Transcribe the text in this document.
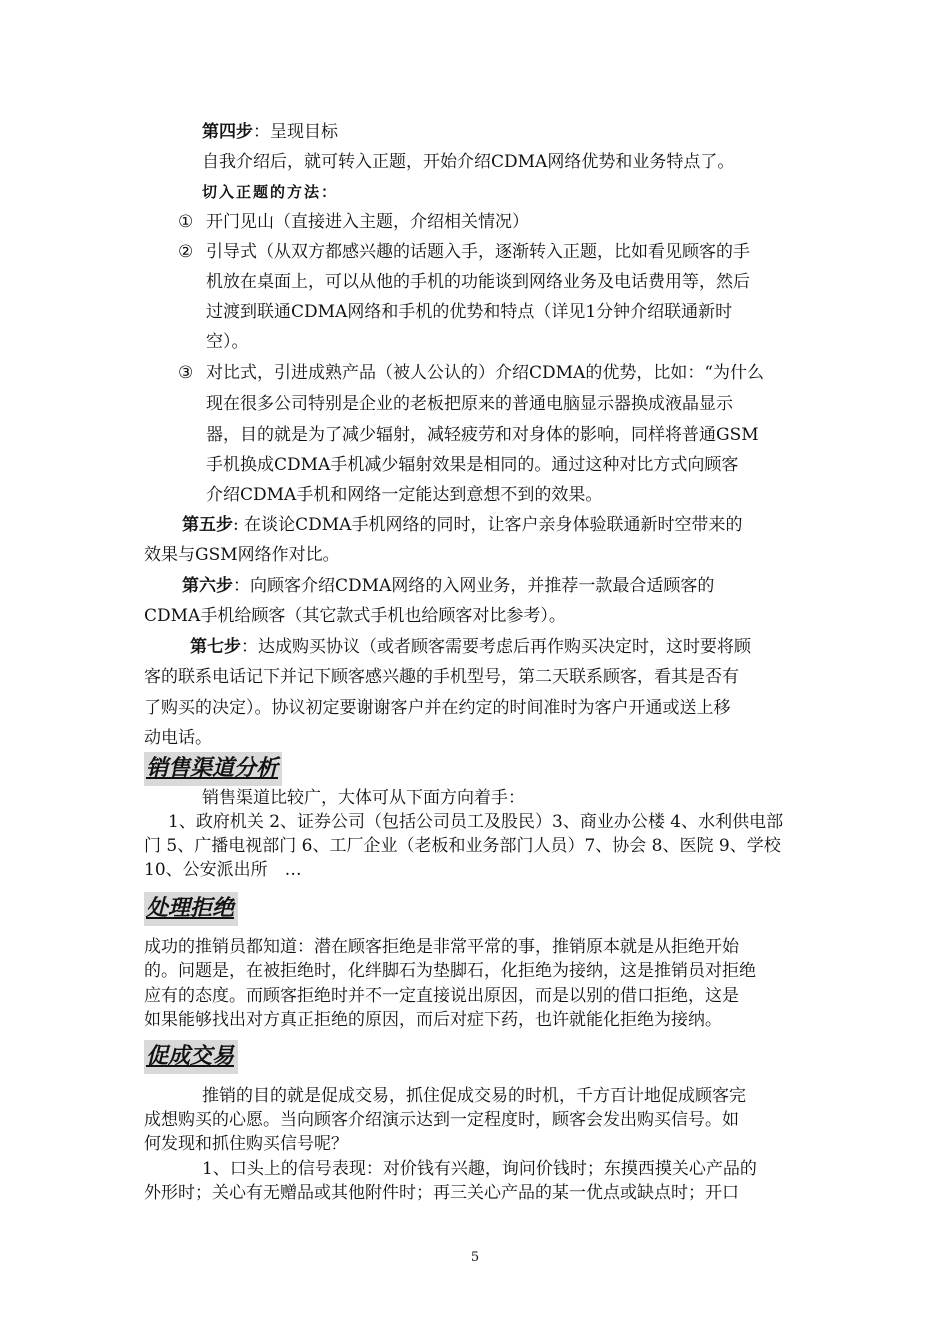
第四步：呈现目标
自我介绍后，就可转入正题，开始介绍CDMA网络优势和业务特点了。
切入正题的方法：
① 开门见山（直接进入主题，介绍相关情况）
② 引导式（从双方都感兴趣的话题入手，逐渐转入正题，比如看见顾客的手
机放在桌面上，可以从他的手机的功能谈到网络业务及电话费用等，然后
过渡到联通CDMA网络和手机的优势和特点（详见1分钟介绍联通新时
空）。
③ 对比式，引进成熟产品（被人公认的）介绍CDMA的优势，比如：“为什么
现在很多公司特别是企业的老板把原来的普通电脑显示器换成液晶显示
器，目的就是为了减少辐射，减轻疲劳和对身体的影响，同样将普通GSM
手机换成CDMA手机减少辐射效果是相同的。通过这种对比方式向顾客
介绍CDMA手机和网络一定能达到意想不到的效果。
第五步: 在谈论CDMA手机网络的同时，让客户亲身体验联通新时空带来的
效果与GSM网络作对比。
第六步：向顾客介绍CDMA网络的入网业务，并推荐一款最合适顾客的
CDMA手机给顾客（其它款式手机也给顾客对比参考）。
第七步：达成购买协议（或者顾客需要考虑后再作购买决定时，这时要将顾
客的联系电话记下并记下顾客感兴趣的手机型号，第二天联系顾客，看其是否有
了购买的决定）。协议初定要谢谢客户并在约定的时间准时为客户开通或送上移
动电话。
销售渠道分析
销售渠道比较广，大体可从下面方向着手：
1、政府机关 2、证券公司（包括公司员工及股民）3、商业办公楼 4、水利供电部
门 5、广播电视部门 6、工厂企业（老板和业务部门人员）7、协会 8、医院 9、学校
10、公安派出所　…
处理拒绝
成功的推销员都知道：潜在顾客拒绝是非常平常的事，推销原本就是从拒绝开始
的。问题是，在被拒绝时，化绊脚石为垫脚石，化拒绝为接纳，这是推销员对拒绝
应有的态度。而顾客拒绝时并不一定直接说出原因，而是以别的借口拒绝，这是
如果能够找出对方真正拒绝的原因，而后对症下药，也许就能化拒绝为接纳。
促成交易
推销的目的就是促成交易，抓住促成交易的时机，千方百计地促成顾客完
成想购买的心愿。当向顾客介绍演示达到一定程度时，顾客会发出购买信号。如
何发现和抓住购买信号呢？
1、口头上的信号表现：对价钱有兴趣，询问价钱时；东摸西摸关心产品的
外形时；关心有无赠品或其他附件时；再三关心产品的某一优点或缺点时；开口
5
